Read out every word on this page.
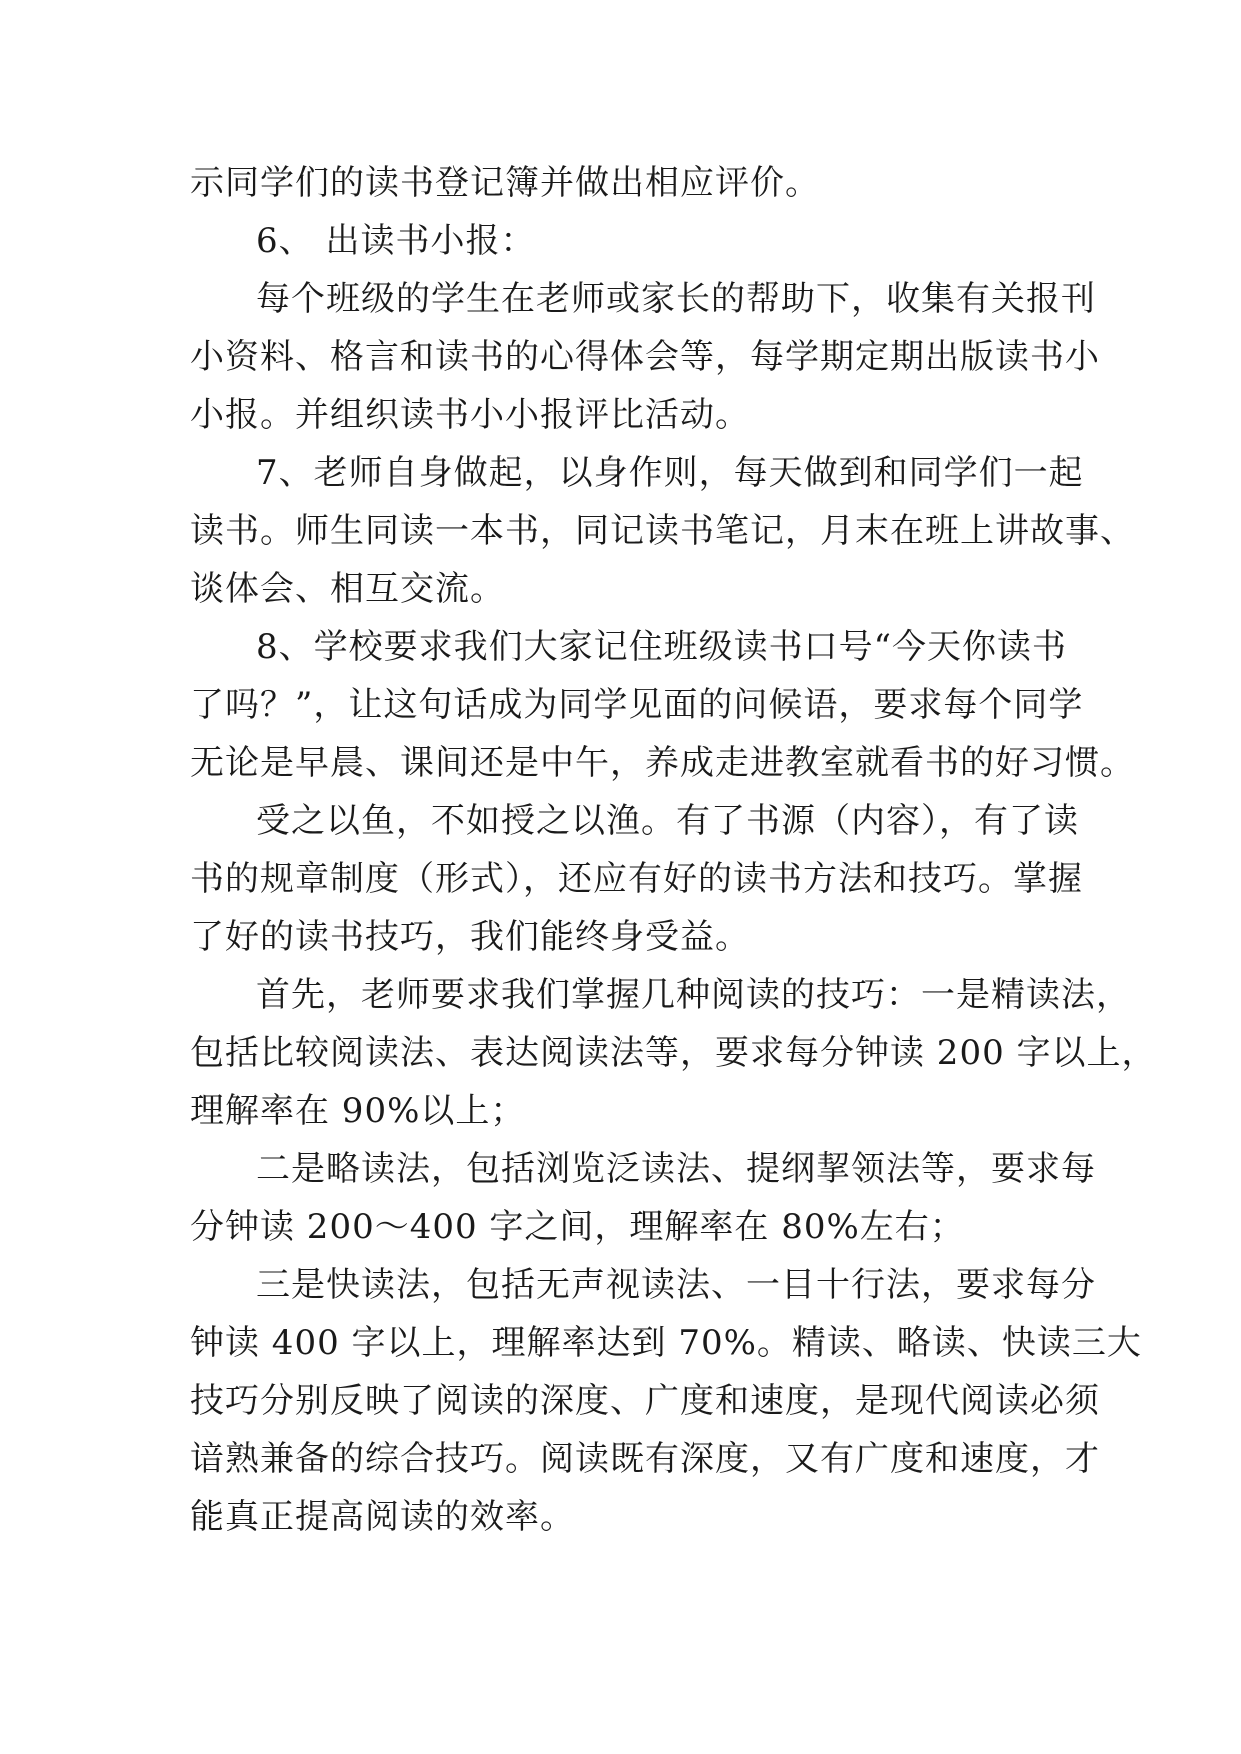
示同学们的读书登记簿并做出相应评价。
6、 出读书小报：
每个班级的学生在老师或家长的帮助下，收集有关报刊
小资料、格言和读书的心得体会等，每学期定期出版读书小
小报。并组织读书小小报评比活动。
7、老师自身做起，以身作则，每天做到和同学们一起
读书。师生同读一本书，同记读书笔记，月末在班上讲故事、
谈体会、相互交流。
8、学校要求我们大家记住班级读书口号“今天你读书
了吗？”，让这句话成为同学见面的问候语，要求每个同学
无论是早晨、课间还是中午，养成走进教室就看书的好习惯。
受之以鱼，不如授之以渔。有了书源（内容），有了读
书的规章制度（形式），还应有好的读书方法和技巧。掌握
了好的读书技巧，我们能终身受益。
首先，老师要求我们掌握几种阅读的技巧：一是精读法，
包括比较阅读法、表达阅读法等，要求每分钟读 200 字以上，
理解率在 90%以上；
二是略读法，包括浏览泛读法、提纲挈领法等，要求每
分钟读 200～400 字之间，理解率在 80%左右；
三是快读法，包括无声视读法、一目十行法，要求每分
钟读 400 字以上，理解率达到 70%。精读、略读、快读三大
技巧分别反映了阅读的深度、广度和速度，是现代阅读必须
谙熟兼备的综合技巧。阅读既有深度，又有广度和速度，才
能真正提高阅读的效率。
